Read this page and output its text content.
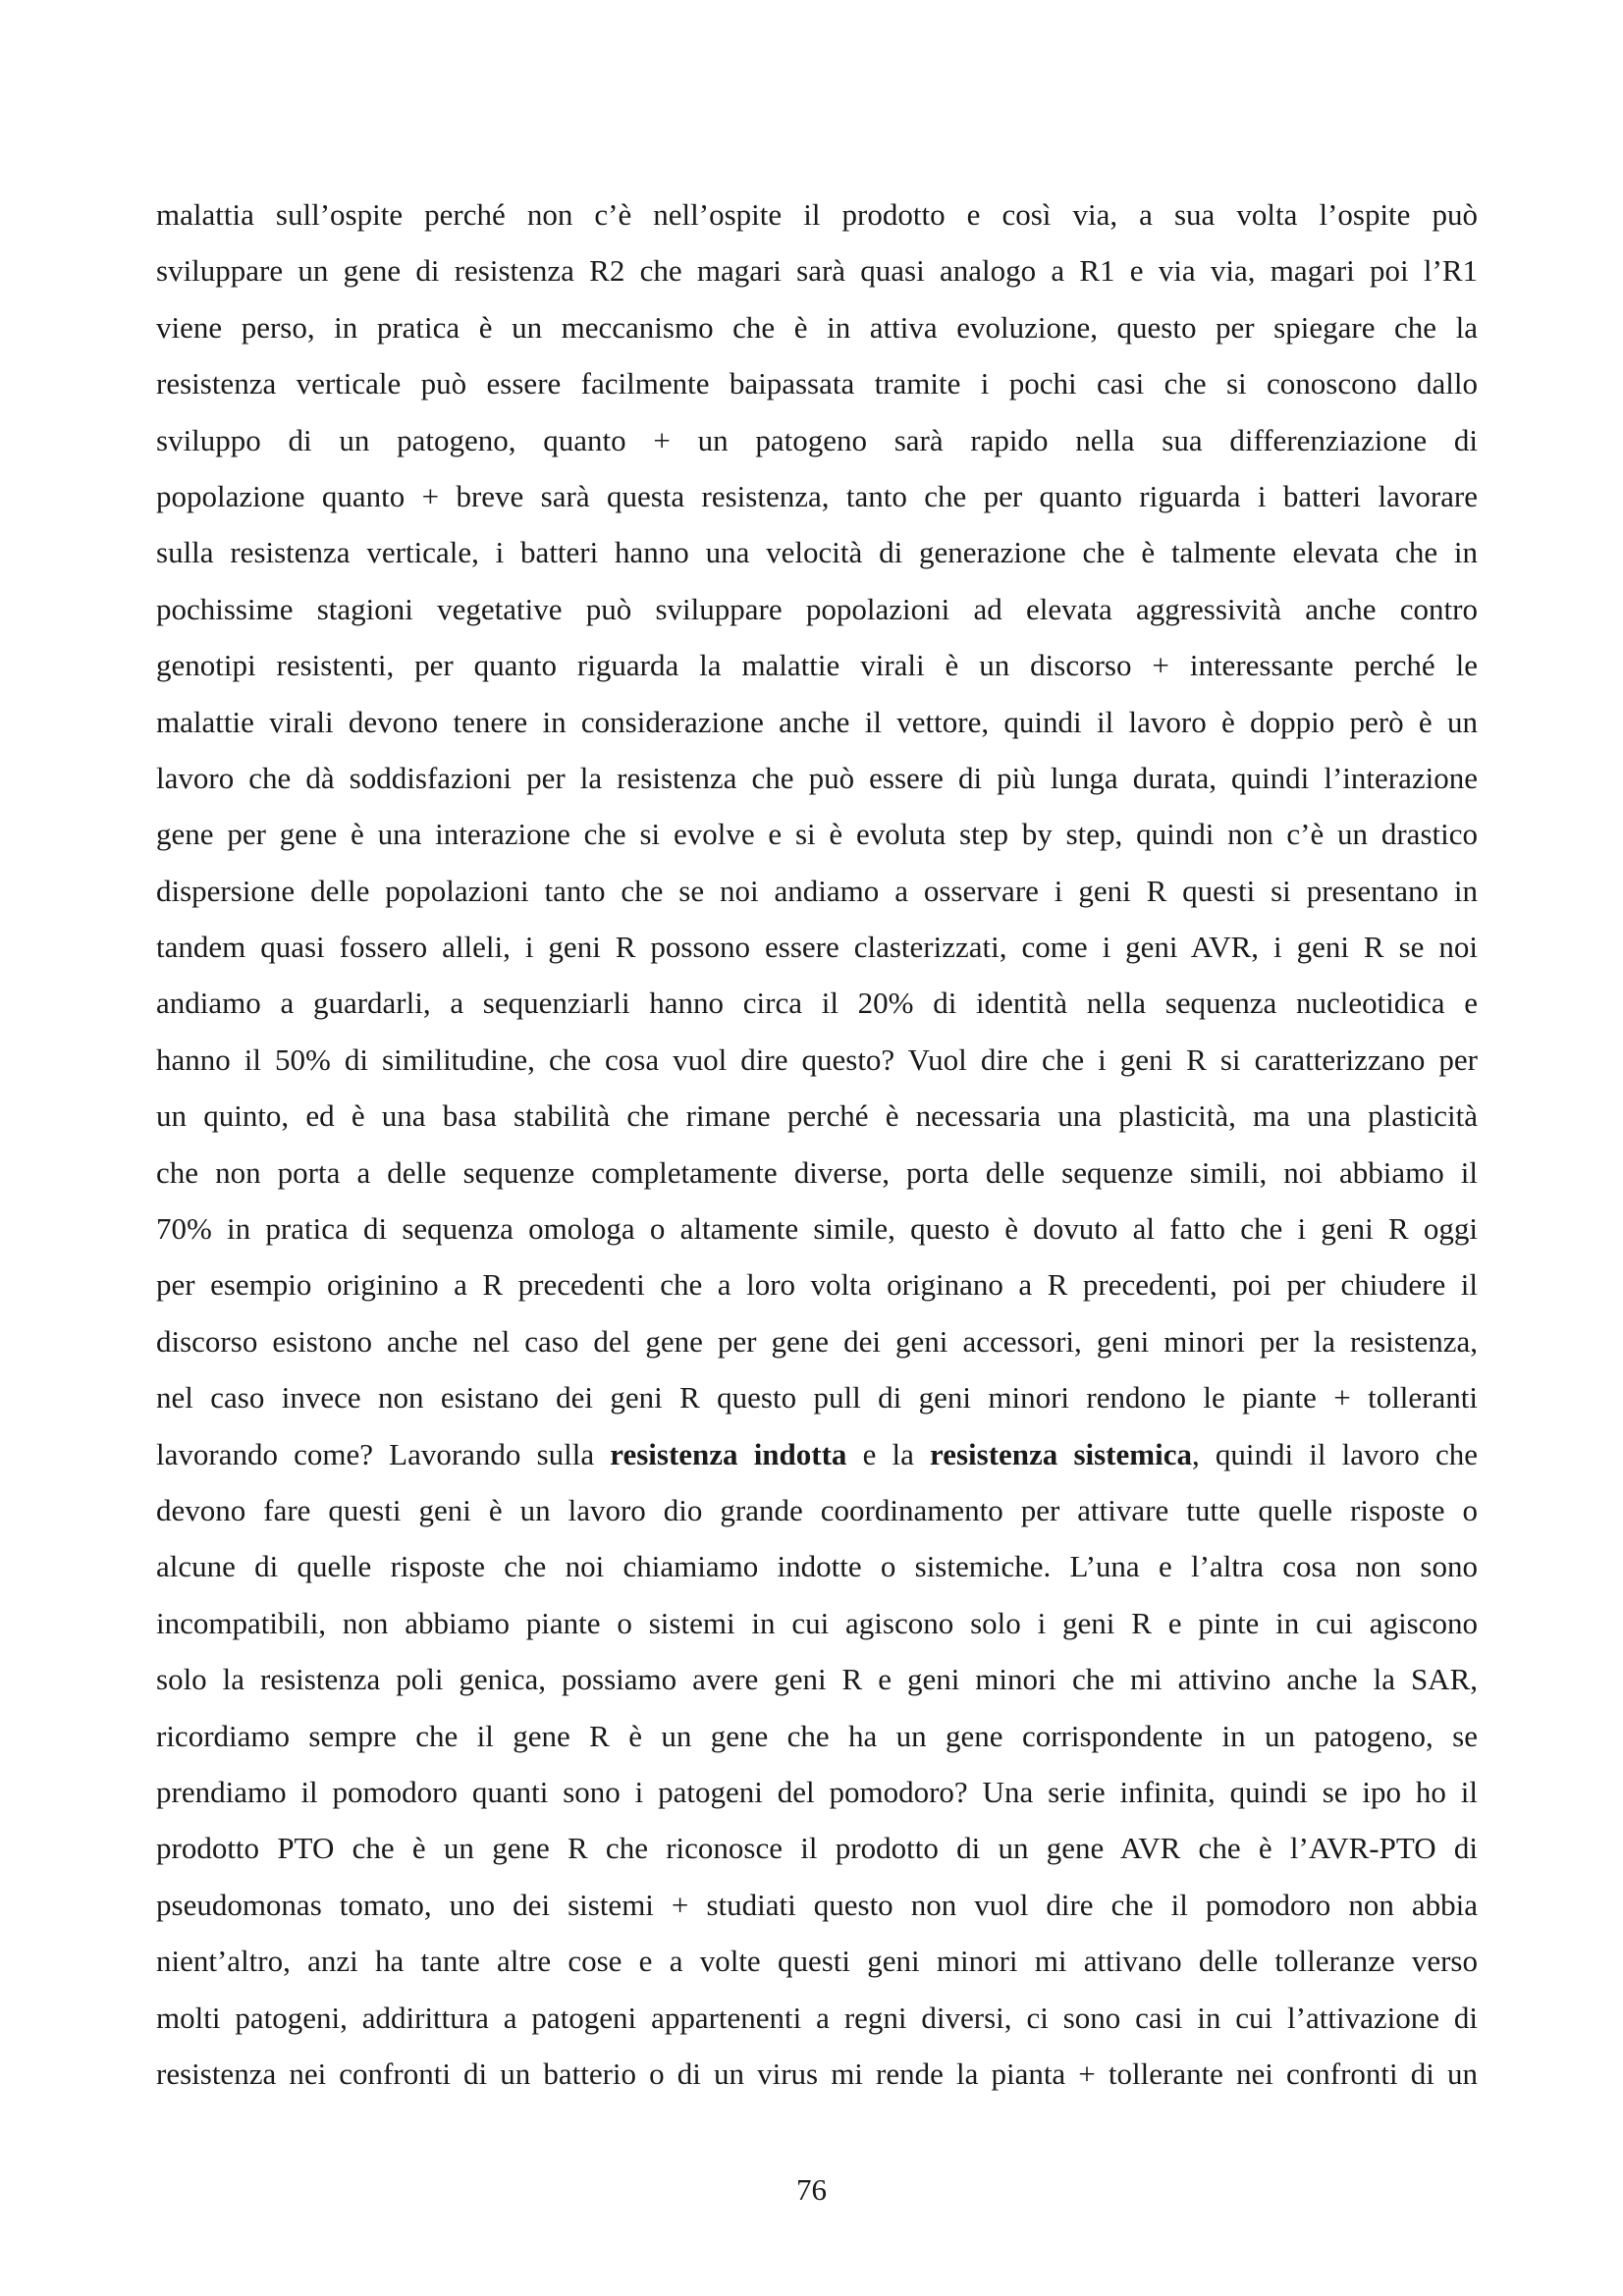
malattia sull’ospite perché non c’è nell’ospite il prodotto e così via, a sua volta l’ospite può
sviluppare un gene di resistenza R2 che magari sarà quasi analogo a R1 e via via, magari poi l’R1
viene perso, in pratica è un meccanismo che è in attiva evoluzione, questo per spiegare che la
resistenza verticale può essere facilmente baipassata tramite i pochi casi che si conoscono dallo
sviluppo di un patogeno, quanto + un patogeno sarà rapido nella sua differenziazione di
popolazione quanto + breve sarà questa resistenza, tanto che per quanto riguarda i batteri lavorare
sulla resistenza verticale, i batteri hanno una velocità di generazione che è talmente elevata che in
pochissime stagioni vegetative può sviluppare popolazioni ad elevata aggressività anche contro
genotipi resistenti, per quanto riguarda la malattie virali è un discorso + interessante perché le
malattie virali devono tenere in considerazione anche il vettore, quindi il lavoro è doppio però è un
lavoro che dà soddisfazioni per la resistenza che può essere di più lunga durata, quindi l’interazione
gene per gene è una interazione che si evolve e si è evoluta step by step, quindi non c’è un drastico
dispersione delle popolazioni tanto che se noi andiamo a osservare i geni R questi si presentano in
tandem quasi fossero alleli, i geni R possono essere clasterizzati, come i geni AVR, i geni R se noi
andiamo a guardarli, a sequenziarli hanno circa il 20% di identità nella sequenza nucleotidica e
hanno il 50% di similitudine, che cosa vuol dire questo? Vuol dire che i geni R si caratterizzano per
un quinto, ed è una basa stabilità che rimane perché è necessaria una plasticità, ma una plasticità
che non porta a delle sequenze completamente diverse, porta delle sequenze simili, noi abbiamo il
70% in pratica di sequenza omologa o altamente simile, questo è dovuto al fatto che i geni R oggi
per esempio originino a R precedenti che a loro volta originano a R precedenti, poi per chiudere il
discorso esistono anche nel caso del gene per gene dei geni accessori, geni minori per la resistenza,
nel caso invece non esistano dei geni R questo pull di geni minori rendono le piante + tolleranti
lavorando come? Lavorando sulla resistenza indotta e la resistenza sistemica, quindi il lavoro che
devono fare questi geni è un lavoro dio grande coordinamento per attivare tutte quelle risposte o
alcune di quelle risposte che noi chiamiamo indotte o sistemiche. L’una e l’altra cosa non sono
incompatibili, non abbiamo piante o sistemi in cui agiscono solo i geni R e pinte in cui agiscono
solo la resistenza poli genica, possiamo avere geni R e geni minori che mi attivino anche la SAR,
ricordiamo sempre che il gene R è un gene che ha un gene corrispondente in un patogeno, se
prendiamo il pomodoro quanti sono i patogeni del pomodoro? Una serie infinita, quindi se ipo ho il
prodotto PTO che è un gene R che riconosce il prodotto di un gene AVR che è l’AVR-PTO di
pseudomonas tomato, uno dei sistemi + studiati questo non vuol dire che il pomodoro non abbia
nient’altro, anzi ha tante altre cose e a volte questi geni minori mi attivano delle tolleranze verso
molti patogeni, addirittura a patogeni appartenenti a regni diversi, ci sono casi in cui l’attivazione di
resistenza nei confronti di un batterio o di un virus mi rende la pianta + tollerante nei confronti di un
76
